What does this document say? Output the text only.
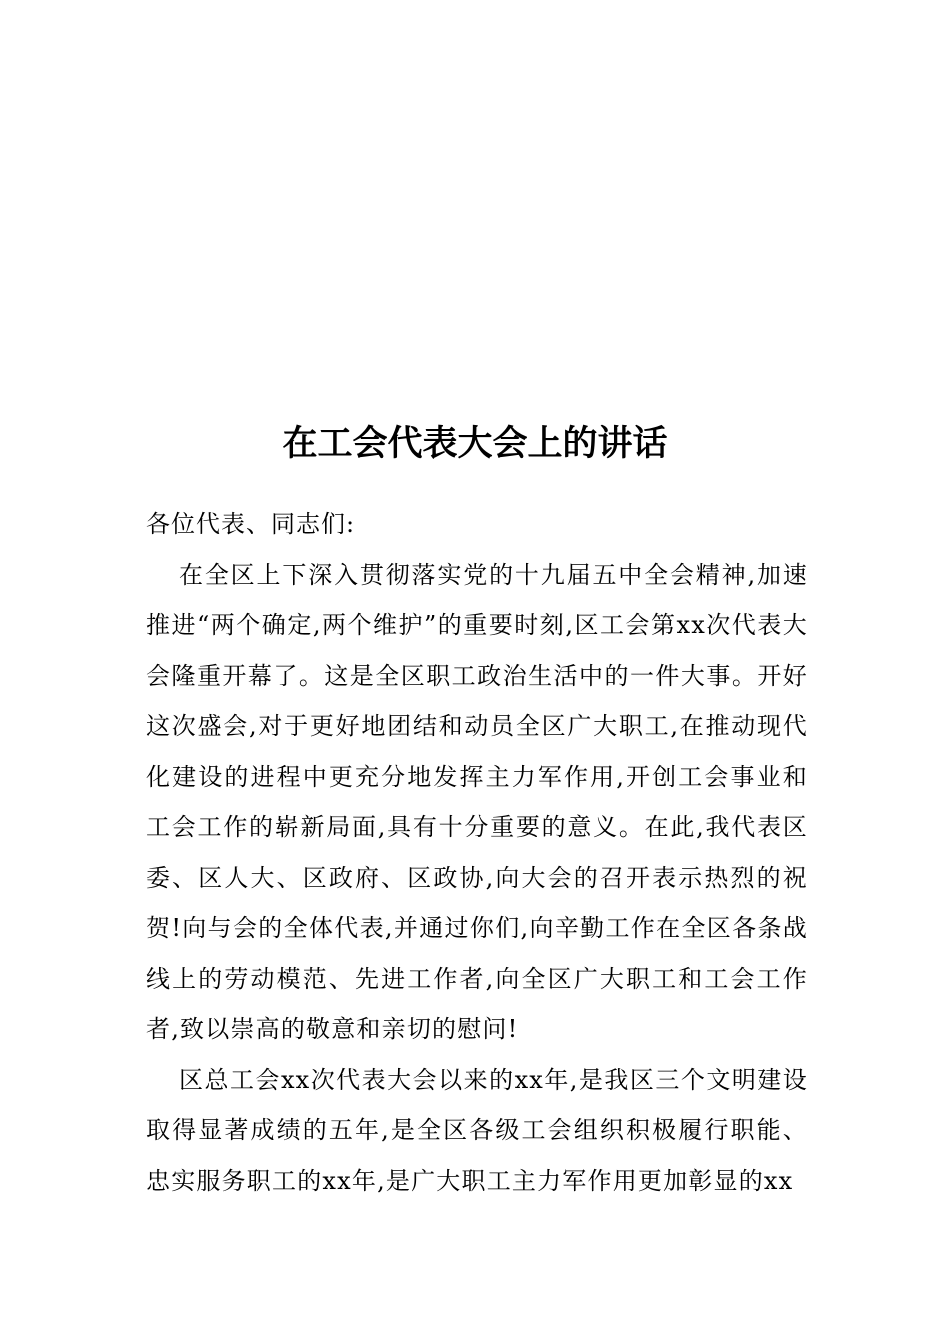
在工会代表大会上的讲话

各位代表、同志们:

在全区上下深入贯彻落实党的十九届五中全会精神,加速推进“两个确定,两个维护”的重要时刻,区工会第xx次代表大会隆重开幕了。这是全区职工政治生活中的一件大事。开好这次盛会,对于更好地团结和动员全区广大职工,在推动现代化建设的进程中更充分地发挥主力军作用,开创工会事业和工会工作的崭新局面,具有十分重要的意义。在此,我代表区委、区人大、区政府、区政协,向大会的召开表示热烈的祝贺!向与会的全体代表,并通过你们,向辛勤工作在全区各条战线上的劳动模范、先进工作者,向全区广大职工和工会工作者,致以崇高的敬意和亲切的慰问!

区总工会xx次代表大会以来的xx年,是我区三个文明建设取得显著成绩的五年,是全区各级工会组织积极履行职能、忠实服务职工的xx年,是广大职工主力军作用更加彰显的xx
